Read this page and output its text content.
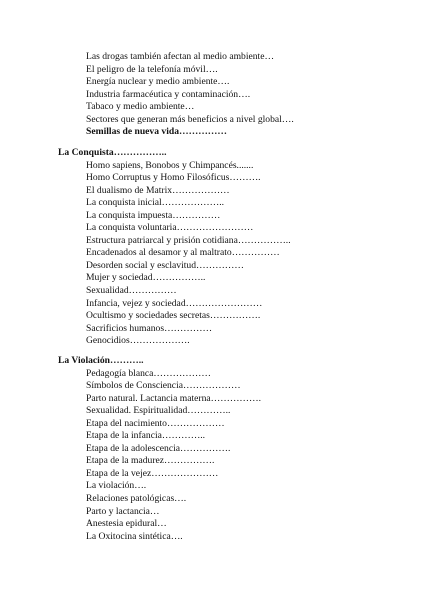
Las drogas también afectan al medio ambiente…
El peligro de la telefonía móvil….
Energía nuclear y medio ambiente….
Industria farmacéutica y contaminación….
Tabaco y medio ambiente…
Sectores que generan más beneficios a nivel global….
Semillas de nueva vida……………
La Conquista……………..
Homo sapiens, Bonobos y Chimpancés.......
Homo Corruptus y Homo Filosóficus……….
El dualismo de Matrix………………
La conquista inicial………………..
La conquista impuesta……………
La conquista voluntaria……………………
Estructura patriarcal y prisión cotidiana……………..
Encadenados al desamor y al maltrato……………
Desorden social y esclavitud……………
Mujer y sociedad……………..
Sexualidad……………
Infancia, vejez y sociedad……………………
Ocultismo y sociedades secretas…………….
Sacrificios humanos……………
Genocidios……………….
La Violación………..
Pedagogía blanca………………
Símbolos de Consciencia………………
Parto natural. Lactancia materna…………….
Sexualidad. Espiritualidad…………..
Etapa del nacimiento………………
Etapa de la infancia…………..
Etapa de la adolescencia…………….
Etapa de la madurez…………….
Etapa de la vejez…………………
La violación….
Relaciones patológicas….
Parto y lactancia…
Anestesia epidural…
La Oxitocina sintética….
